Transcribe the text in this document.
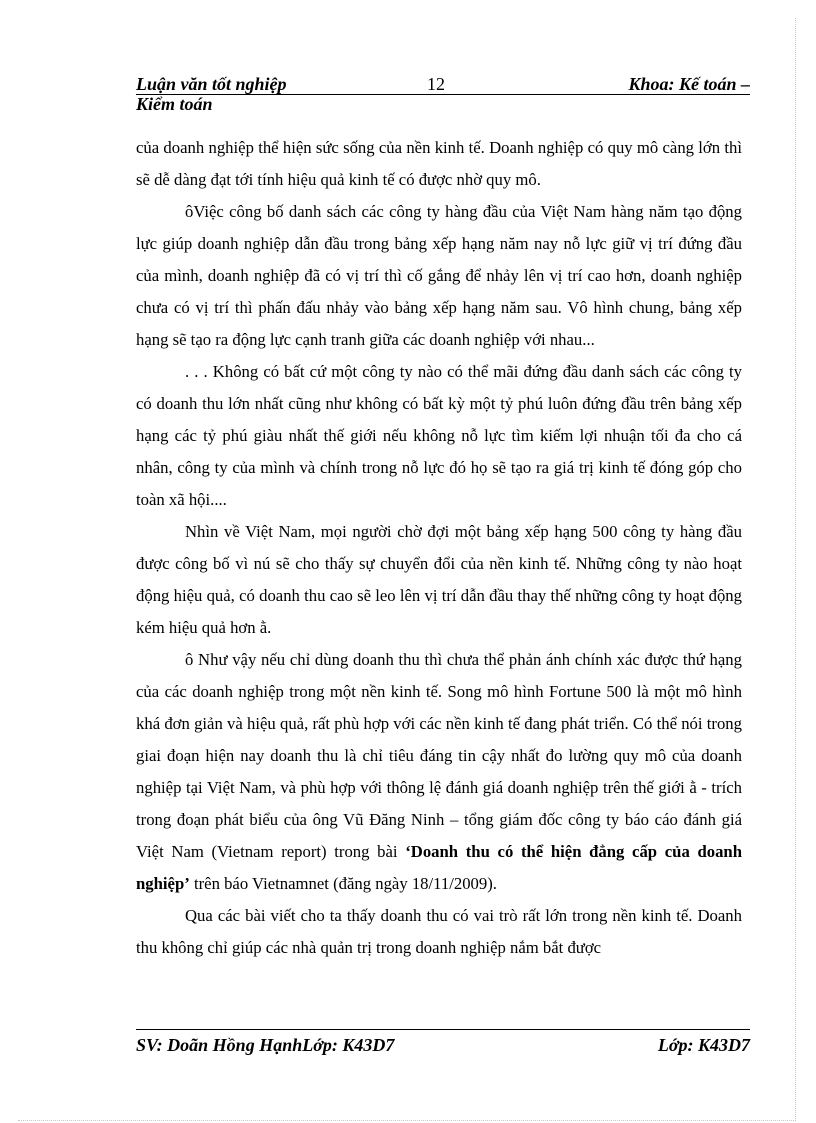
Luận văn tốt nghiệp	12	Khoa: Kế toán –
Kiểm toán

của doanh nghiệp thể hiện sức sống của nền kinh tế. Doanh nghiệp có quy mô càng lớn thì sẽ dễ dàng đạt tới tính hiệu quả kinh tế có được nhờ quy mô.

ôViệc công bố danh sách các công ty hàng đầu của Việt Nam hàng năm tạo động lực giúp doanh nghiệp dẫn đầu trong bảng xếp hạng năm nay nỗ lực giữ vị trí đứng đầu của mình, doanh nghiệp đã có vị trí thì cố gắng để nhảy lên vị trí cao hơn, doanh nghiệp chưa có vị trí thì phấn đấu nhảy vào bảng xếp hạng năm sau. Vô hình chung, bảng xếp hạng sẽ tạo ra động lực cạnh tranh giữa các doanh nghiệp với nhau...

. . . Không có bất cứ một công ty nào có thể mãi đứng đầu danh sách các công ty có doanh thu lớn nhất cũng như không có bất kỳ một tỷ phú luôn đứng đầu trên bảng xếp hạng các tỷ phú giàu nhất thế giới nếu không nỗ lực tìm kiếm lợi nhuận tối đa cho cá nhân, công ty của mình và chính trong nỗ lực đó họ sẽ tạo ra giá trị kinh tế đóng góp cho toàn xã hội....

Nhìn về Việt Nam, mọi người chờ đợi một bảng xếp hạng 500 công ty hàng đầu được công bố vì nú sẽ cho thấy sự chuyển đổi của nền kinh tế. Những công ty nào hoạt động hiệu quả, có doanh thu cao sẽ leo lên vị trí dẫn đầu thay thế những công ty hoạt động kém hiệu quả hơn ằ.

ô Như vậy nếu chỉ dùng doanh thu thì chưa thể phản ánh chính xác được thứ hạng của các doanh nghiệp trong một nền kinh tế. Song mô hình Fortune 500 là một mô hình khá đơn giản và hiệu quả, rất phù hợp với các nền kinh tế đang phát triển. Có thể nói trong giai đoạn hiện nay doanh thu là chỉ tiêu đáng tin cậy nhất đo lường quy mô của doanh nghiệp tại Việt Nam, và phù hợp với thông lệ đánh giá doanh nghiệp trên thế giới ằ - trích trong đoạn phát biểu của ông Vũ Đăng Ninh – tổng giám đốc công ty báo cáo đánh giá Việt Nam (Vietnam report) trong bài ‘Doanh thu có thể hiện đẳng cấp của doanh nghiệp’ trên báo Vietnamnet (đăng ngày 18/11/2009).

Qua các bài viết cho ta thấy doanh thu có vai trò rất lớn trong nền kinh tế. Doanh thu không chỉ giúp các nhà quản trị trong doanh nghiệp nắm bắt được

SV: Doãn Hồng HạnhLớp: K43D7	Lớp: K43D7
